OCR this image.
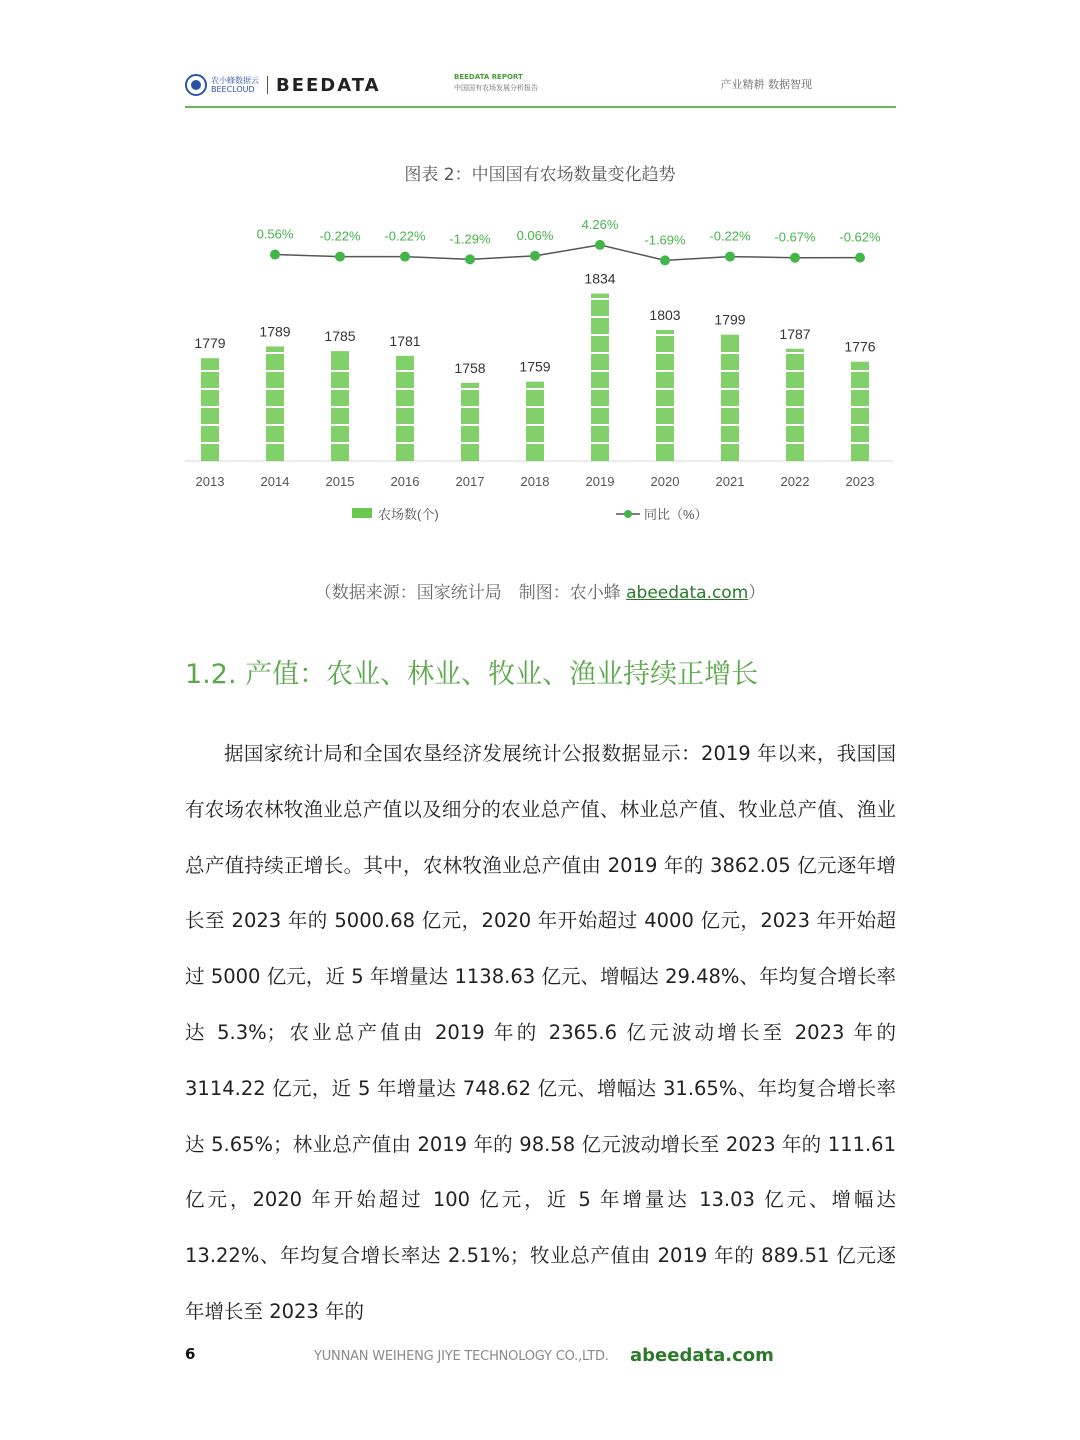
农小蜂数据云
BEECLOUD BEEDATA	BEEDATA REPORT
中国国有农场发展分析报告	产业精耕 数据智现
图表 2：中国国有农场数量变化趋势
1779
2013
1789
2014
1785
2015
1781
2016
1758
2017
1759
2018
1834
2019
1803
2020
1799
2021
1787
2022
1776
2023
0.56% -0.22% -0.22% -1.29% 0.06%
4.26%
-1.69% -0.22% -0.67% -0.62%
农场数(个)	同比（%）
（数据来源：国家统计局　制图：农小蜂 abeedata.com）
1.2. 产值：农业、林业、牧业、渔业持续正增长

据国家统计局和全国农垦经济发展统计公报数据显示：2019 年以来，我国国有农场农林牧渔业总产值以及细分的农业总产值、林业总产值、牧业总产值、渔业总产值持续正增长。其中，农林牧渔业总产值由 2019 年的 3862.05 亿元逐年增长至 2023 年的 5000.68 亿元，2020 年开始超过 4000 亿元，2023 年开始超过 5000 亿元，近 5 年增量达 1138.63 亿元、增幅达 29.48%、年均复合增长率达 5.3%；农业总产值由 2019 年的 2365.6 亿元波动增长至 2023 年的 3114.22 亿元，近 5 年增量达 748.62 亿元、增幅达 31.65%、年均复合增长率达 5.65%；林业总产值由 2019 年的 98.58 亿元波动增长至 2023 年的 111.61 亿元，2020 年开始超过 100 亿元，近 5 年增量达 13.03 亿元、增幅达 13.22%、年均复合增长率达 2.51%；牧业总产值由 2019 年的 889.51 亿元逐年增长至 2023 年的

6	YUNNAN WEIHENG JIYE TECHNOLOGY CO.,LTD. abeedata.com
